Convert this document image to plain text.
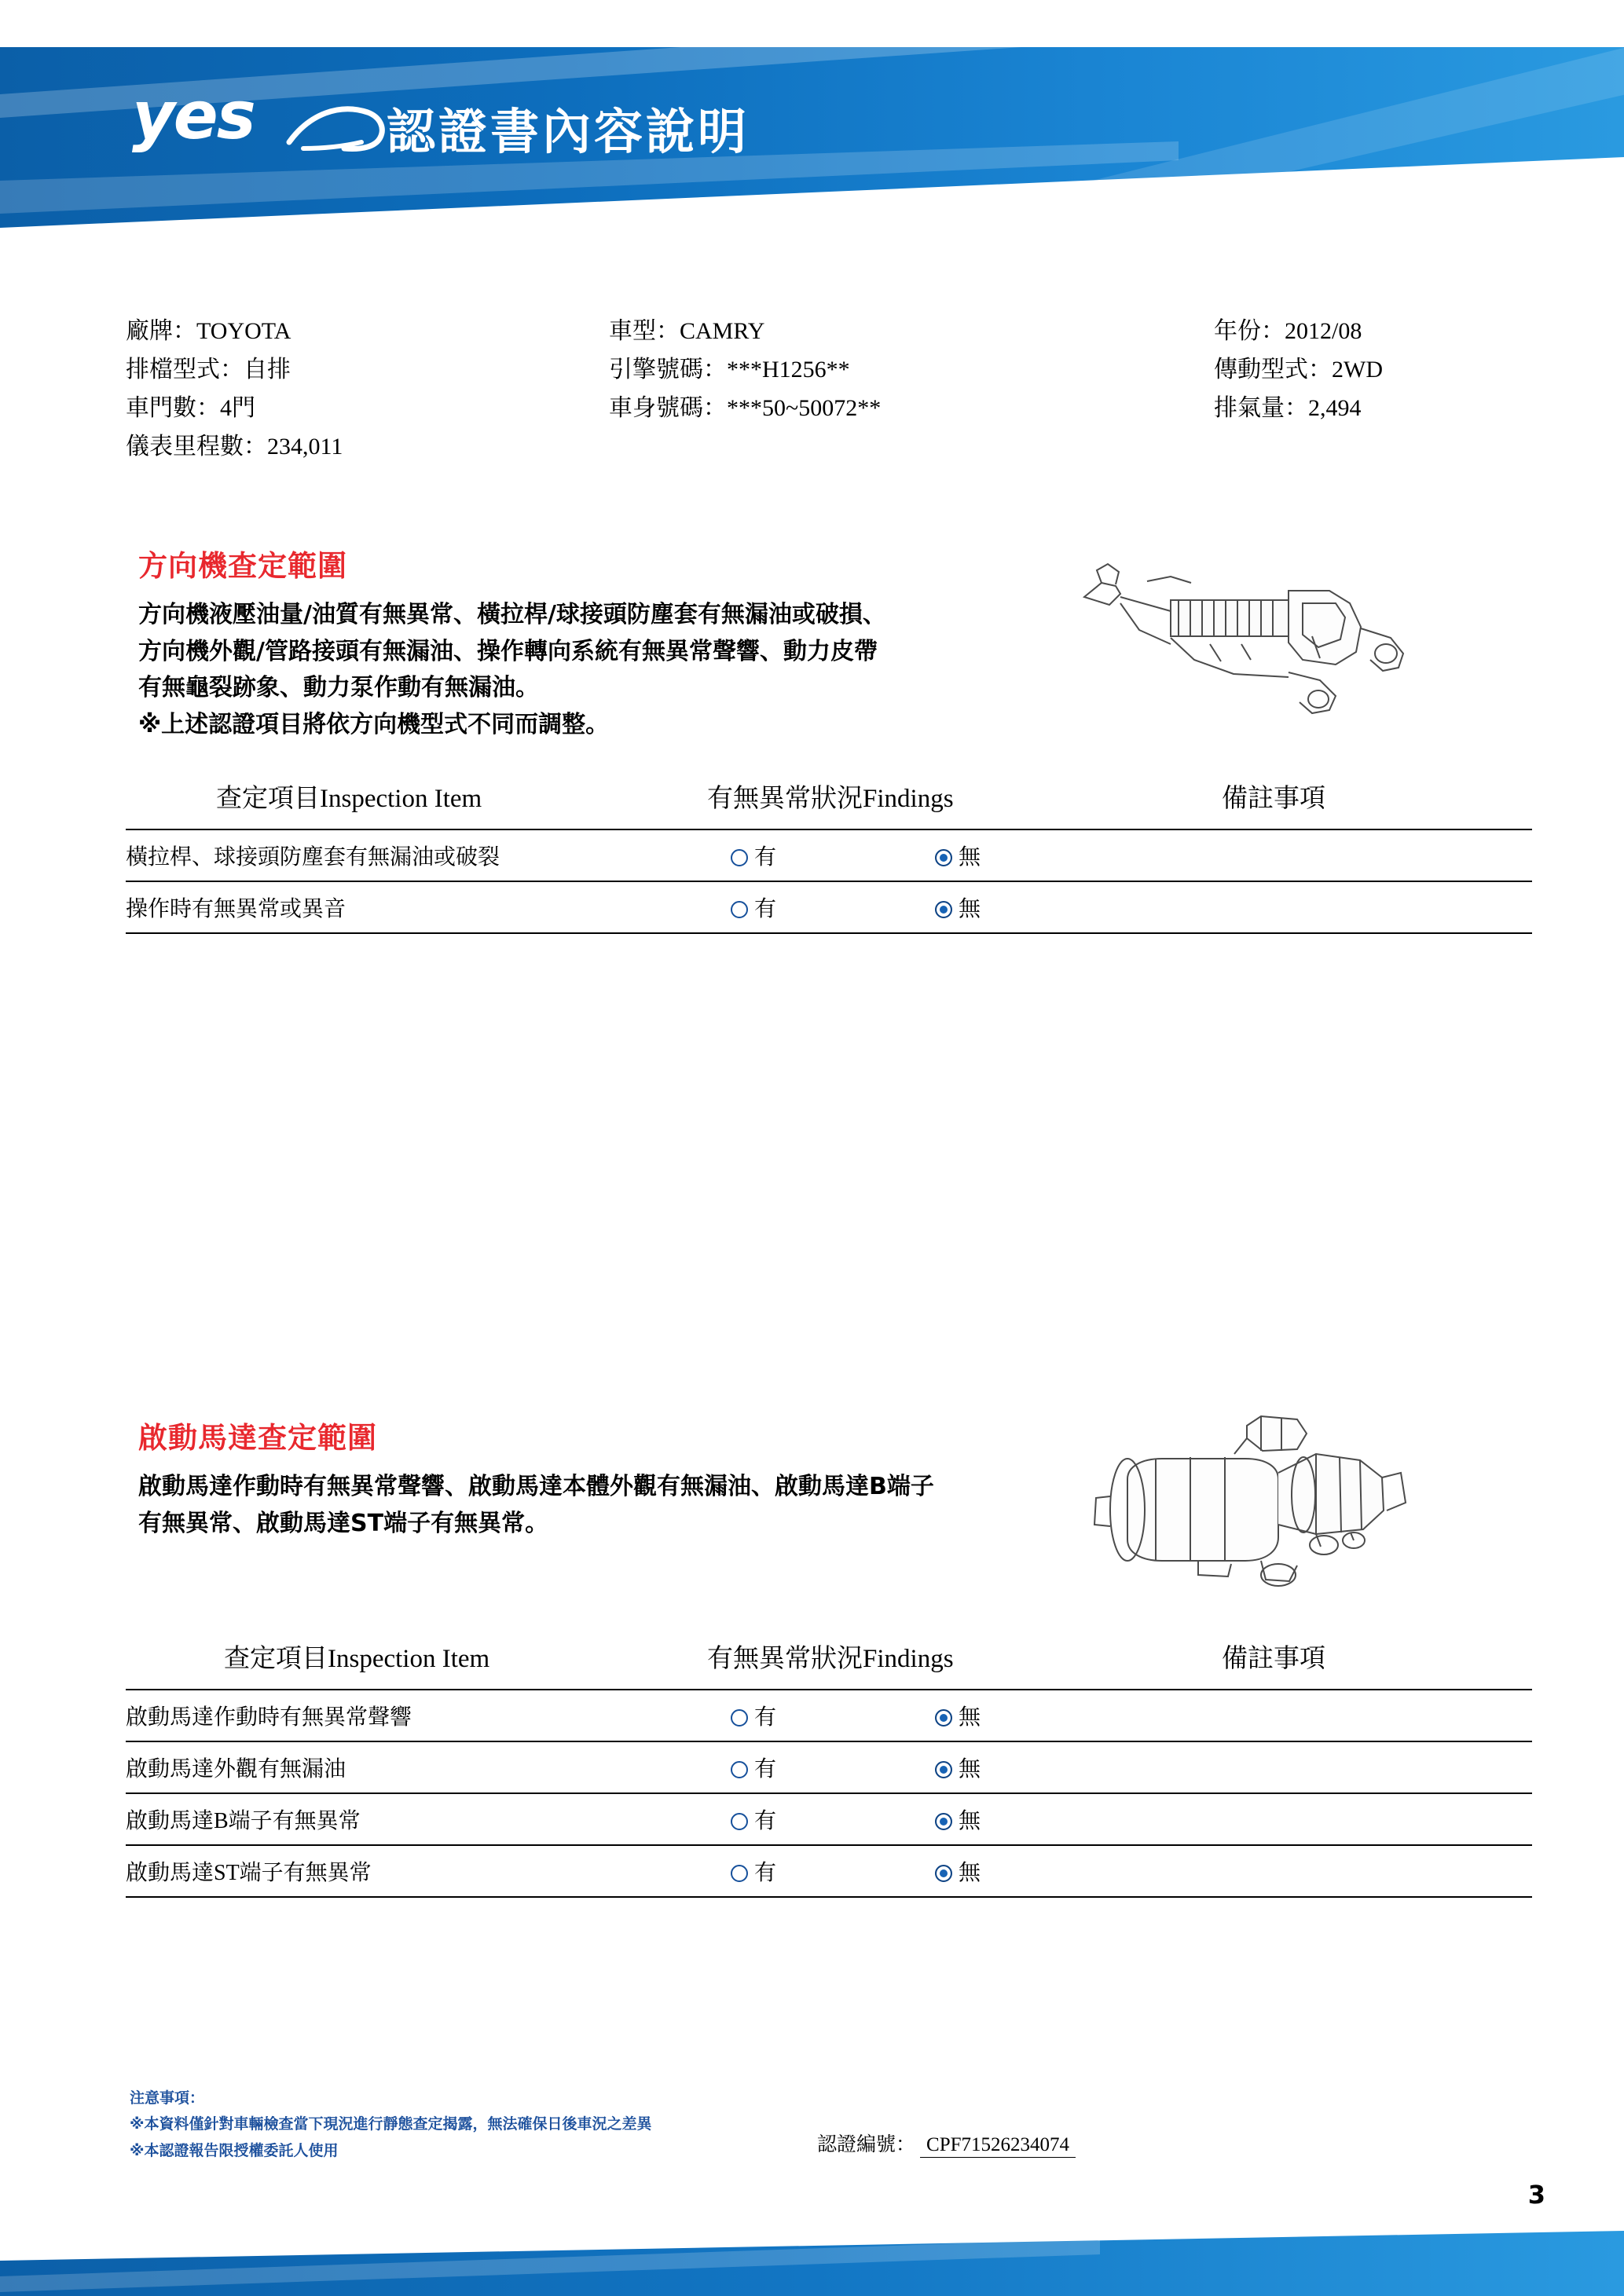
yes	認證書內容說明
廠牌：TOYOTA
排檔型式：自排
車門數：4門
儀表里程數：234,011
車型：CAMRY
引擎號碼：***H1256**
車身號碼：***50~50072**
年份：2012/08
傳動型式：2WD
排氣量：2,494
方向機查定範圍
方向機液壓油量/油質有無異常、橫拉桿/球接頭防塵套有無漏油或破損、
方向機外觀/管路接頭有無漏油、操作轉向系統有無異常聲響、動力皮帶
有無龜裂跡象、動力泵作動有無漏油。
※上述認證項目將依方向機型式不同而調整。
查定項目Inspection Item	有無異常狀況Findings	備註事項
橫拉桿、球接頭防塵套有無漏油或破裂	有	無	
操作時有無異常或異音	有	無	
啟動馬達查定範圍
啟動馬達作動時有無異常聲響、啟動馬達本體外觀有無漏油、啟動馬達B端子
有無異常、啟動馬達ST端子有無異常。
查定項目Inspection Item	有無異常狀況Findings	備註事項
啟動馬達作動時有無異常聲響	有	無	
啟動馬達外觀有無漏油	有	無	
啟動馬達B端子有無異常	有	無	
啟動馬達ST端子有無異常	有	無	
注意事項：
※本資料僅針對車輛檢查當下現況進行靜態查定揭露，無法確保日後車況之差異
※本認證報告限授權委託人使用	認證編號： CPF71526234074
3
